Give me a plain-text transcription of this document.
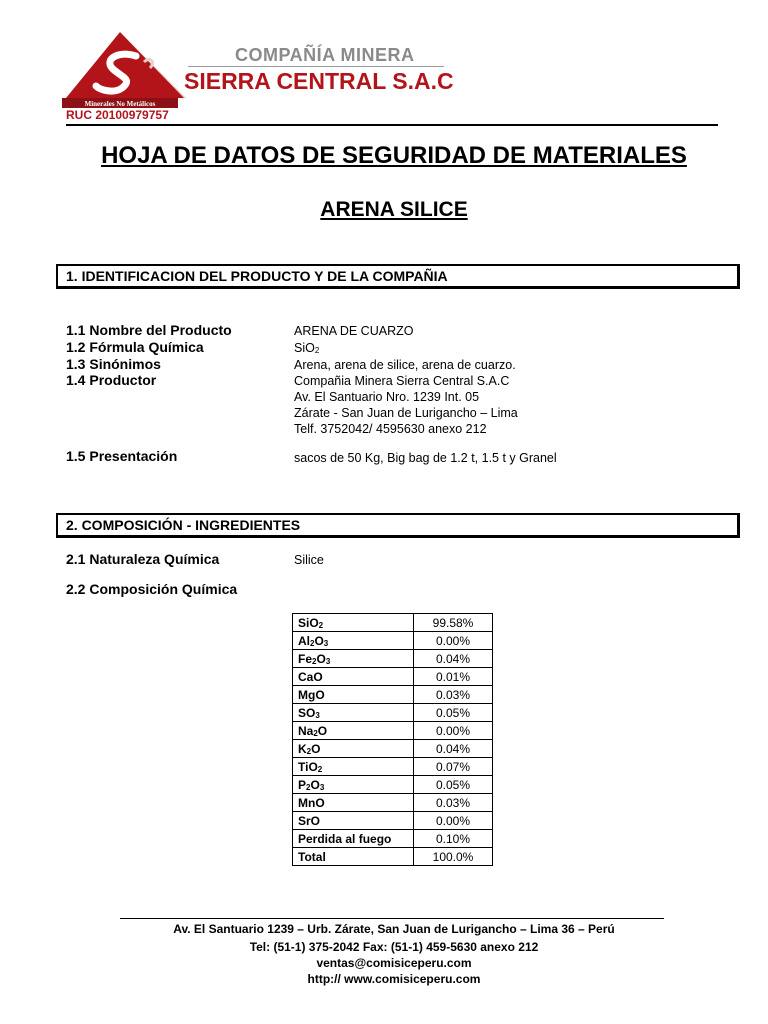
Minerales No Metálicos
COMPAÑÍA MINERA
SIERRA CENTRAL S.A.C
RUC 20100979757
HOJA DE DATOS DE SEGURIDAD DE MATERIALES
ARENA SILICE
1. IDENTIFICACION DEL PRODUCTO Y DE LA COMPAÑIA
1.1 Nombre del Producto	ARENA DE CUARZO
1.2 Fórmula Química	SiO$_2$
1.3 Sinónimos	Arena, arena de silice, arena de cuarzo.
1.4 Productor	Compañia Minera Sierra Central S.A.C
Av. El Santuario Nro. 1239 Int. 05
Zárate - San Juan de Lurigancho – Lima
Telf. 3752042/ 4595630 anexo 212
1.5 Presentación	sacos de 50 Kg, Big bag de 1.2 t, 1.5 t y Granel
2. COMPOSICIÓN - INGREDIENTES
2.1 Naturaleza Química	Silice
2.2 Composición Química
SiO$_2$	99.58%
$Al_2O_3$	0.00%
$Fe_2O_3$	0.04%
CaO	0.01%
MgO	0.03%
$SO_3$	0.05%
$Na_2O$	0.00%
$K_2O$	0.04%
TiO$_2$	0.07%
$P_2O_3$	0.05%
MnO	0.03%
SrO	0.00%
Perdida al fuego	0.10%
Total	100.0%
Av. El Santuario 1239 – Urb. Zárate, San Juan de Lurigancho – Lima 36 – Perú
Tel: (51-1) 375-2042 Fax: (51-1) 459-5630 anexo 212
ventas@comisiceperu.com
http:// www.comisiceperu.com
